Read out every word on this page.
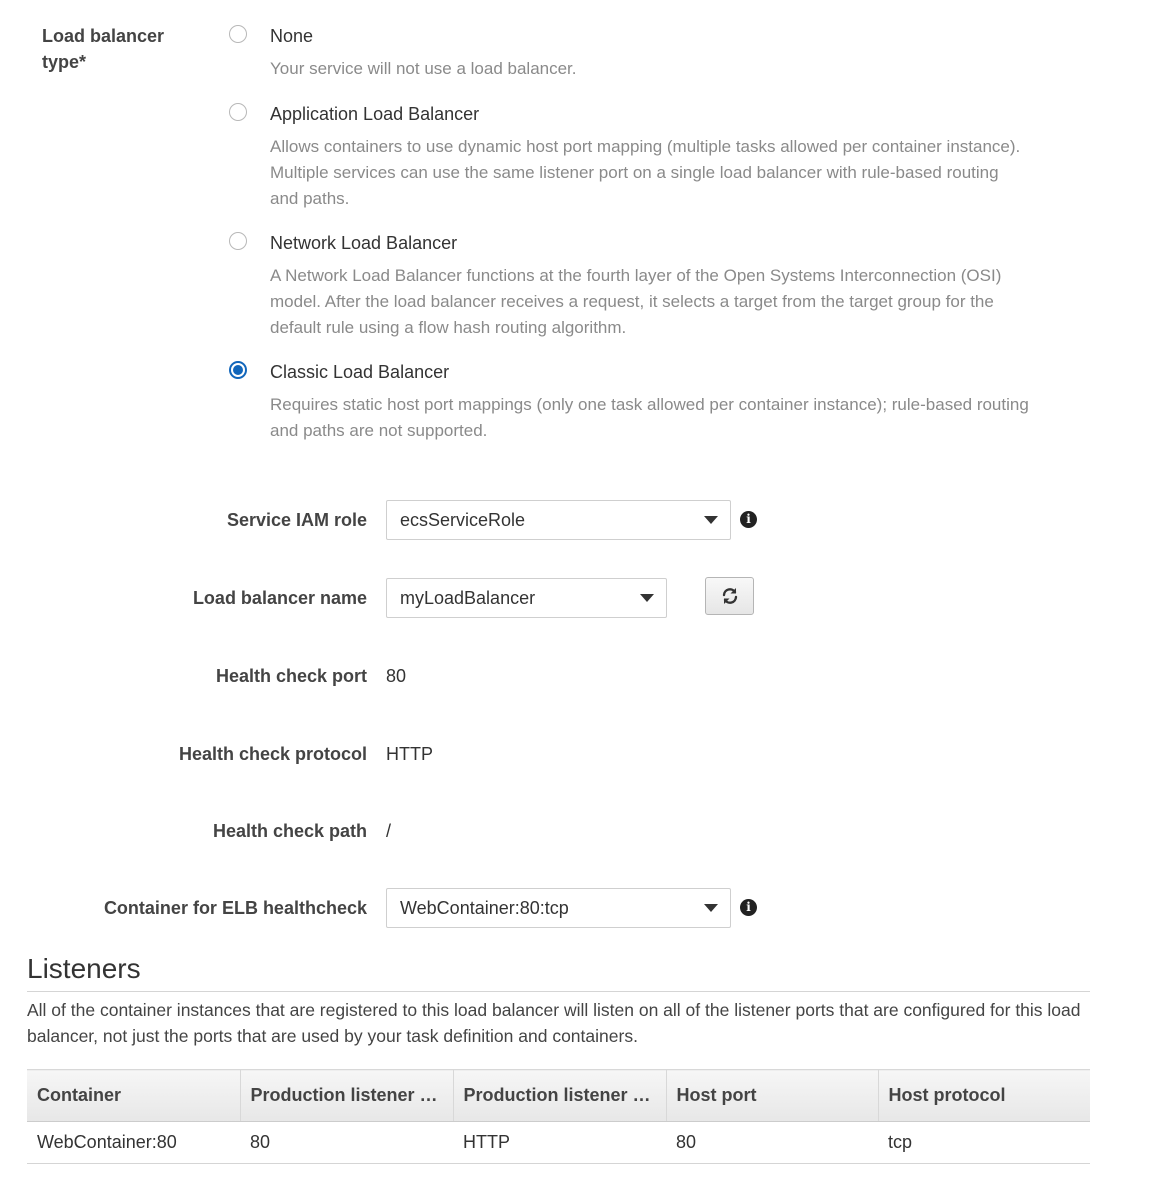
Load balancer type*
None
Your service will not use a load balancer.
Application Load Balancer
Allows containers to use dynamic host port mapping (multiple tasks allowed per container instance). Multiple services can use the same listener port on a single load balancer with rule-based routing and paths.
Network Load Balancer
A Network Load Balancer functions at the fourth layer of the Open Systems Interconnection (OSI) model. After the load balancer receives a request, it selects a target from the target group for the default rule using a flow hash routing algorithm.
Classic Load Balancer
Requires static host port mappings (only one task allowed per container instance); rule-based routing and paths are not supported.
Service IAM role ecsServiceRole	i
Load balancer name myLoadBalancer
Health check port 80
Health check protocol HTTP
Health check path /
Container for ELB healthcheck WebContainer:80:tcp	i
Listeners
All of the container instances that are registered to this load balancer will listen on all of the listener ports that are configured for this load balancer, not just the ports that are used by your task definition and containers.
Container	Production listener …	Production listener …	Host port	Host protocol
WebContainer:80	80	HTTP	80	tcp
